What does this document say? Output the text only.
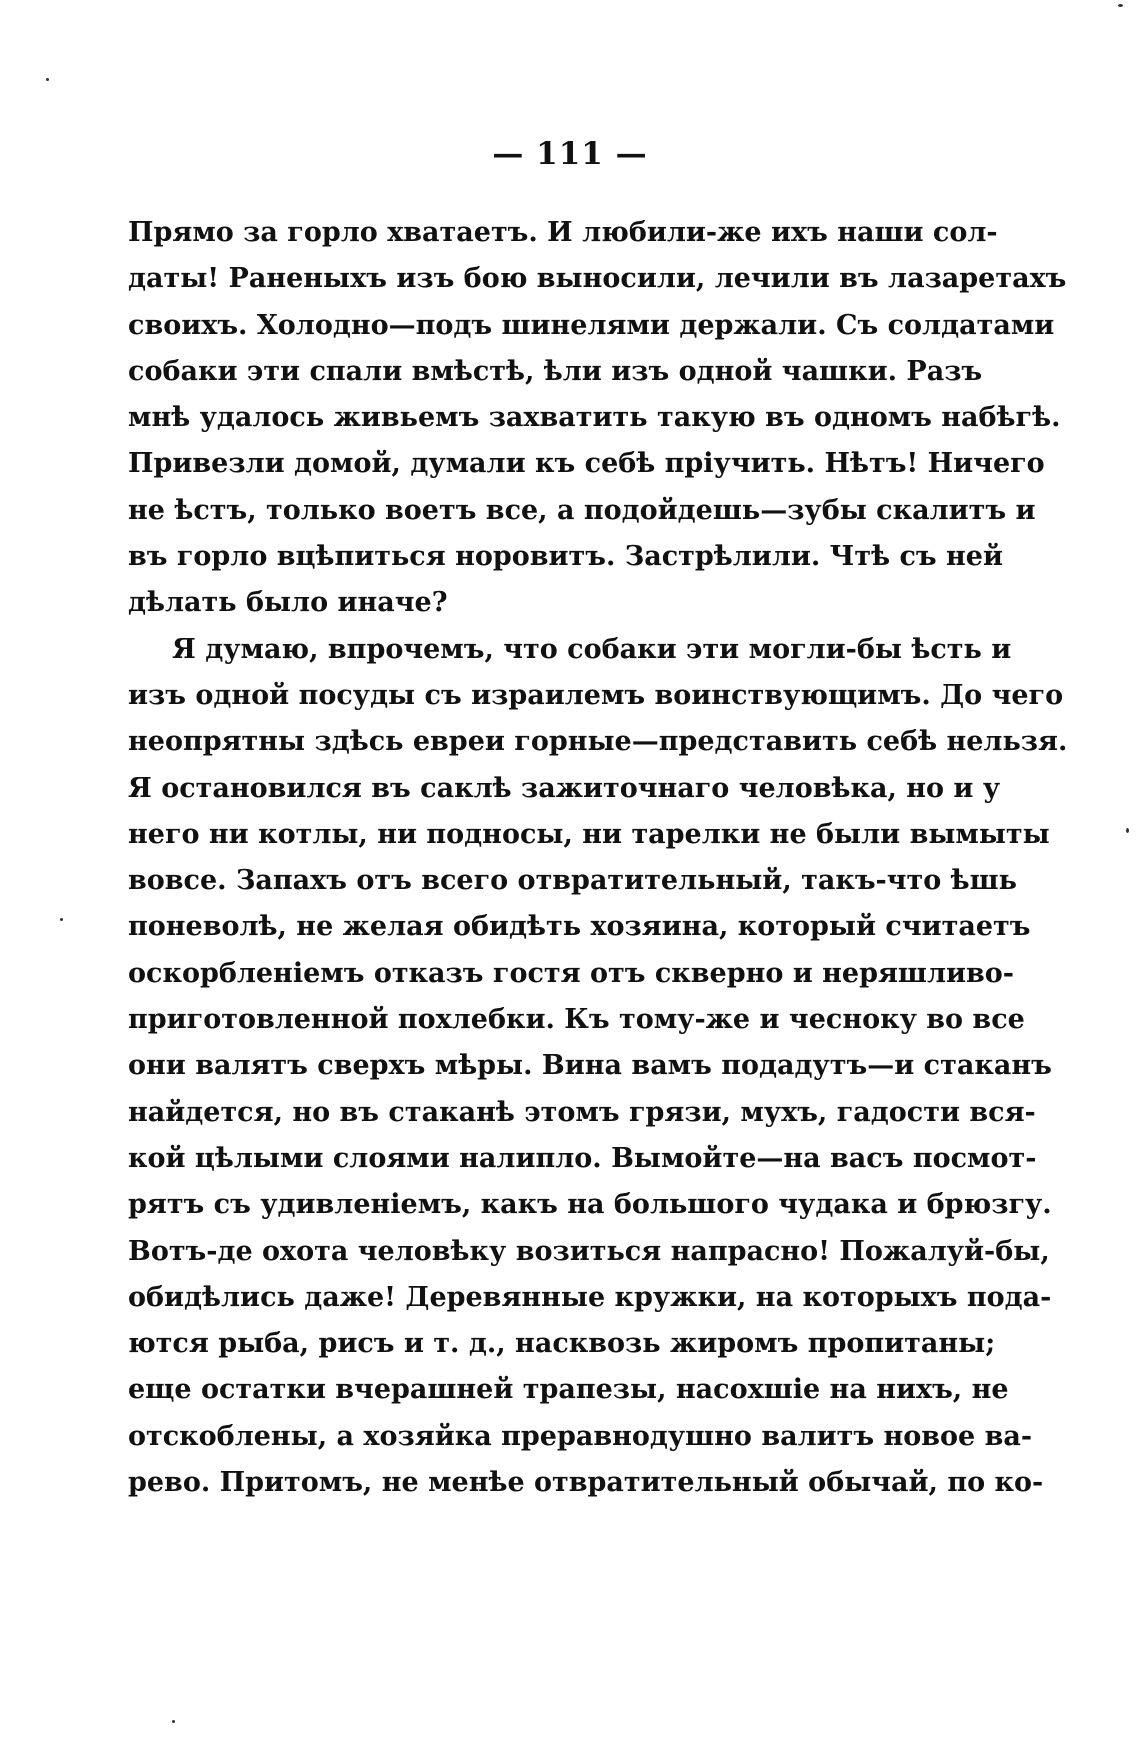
— 111 —
Прямо за горло хватаетъ. И любили-же ихъ наши сол-
даты! Раненыхъ изъ бою выносили, лечили въ лазаретахъ
своихъ. Холодно—подъ шинелями держали. Съ солдатами
собаки эти спали вмѣстѣ, ѣли изъ одной чашки. Разъ
мнѣ удалось живьемъ захватить такую въ одномъ набѣгѣ.
Привезли домой, думали къ себѣ пріучить. Нѣтъ! Ничего
не ѣстъ, только воетъ все, а подойдешь—зубы скалитъ и
въ горло вцѣпиться норовитъ. Застрѣлили. Чтѣ съ ней
дѣлать было иначе?
Я думаю, впрочемъ, что собаки эти могли-бы ѣсть и
изъ одной посуды съ израилемъ воинствующимъ. До чего
неопрятны здѣсь евреи горные—представить себѣ нельзя.
Я остановился въ саклѣ зажиточнаго человѣка, но и у
него ни котлы, ни подносы, ни тарелки не были вымыты
вовсе. Запахъ отъ всего отвратительный, такъ-что ѣшь
поневолѣ, не желая обидѣть хозяина, который считаетъ
оскорбленіемъ отказъ гостя отъ скверно и неряшливо-
приготовленной похлебки. Къ тому-же и чесноку во все
они валятъ сверхъ мѣры. Вина вамъ подадутъ—и стаканъ
найдется, но въ стаканѣ этомъ грязи, мухъ, гадости вся-
кой цѣлыми слоями налипло. Вымойте—на васъ посмот-
рятъ съ удивленіемъ, какъ на большого чудака и брюзгу.
Вотъ-де охота человѣку возиться напрасно! Пожалуй-бы,
обидѣлись даже! Деревянные кружки, на которыхъ пода-
ются рыба, рисъ и т. д., насквозь жиромъ пропитаны;
еще остатки вчерашней трапезы, насохшіе на нихъ, не
отскоблены, а хозяйка преравнодушно валитъ новое ва-
рево. Притомъ, не менѣе отвратительный обычай, по ко-
